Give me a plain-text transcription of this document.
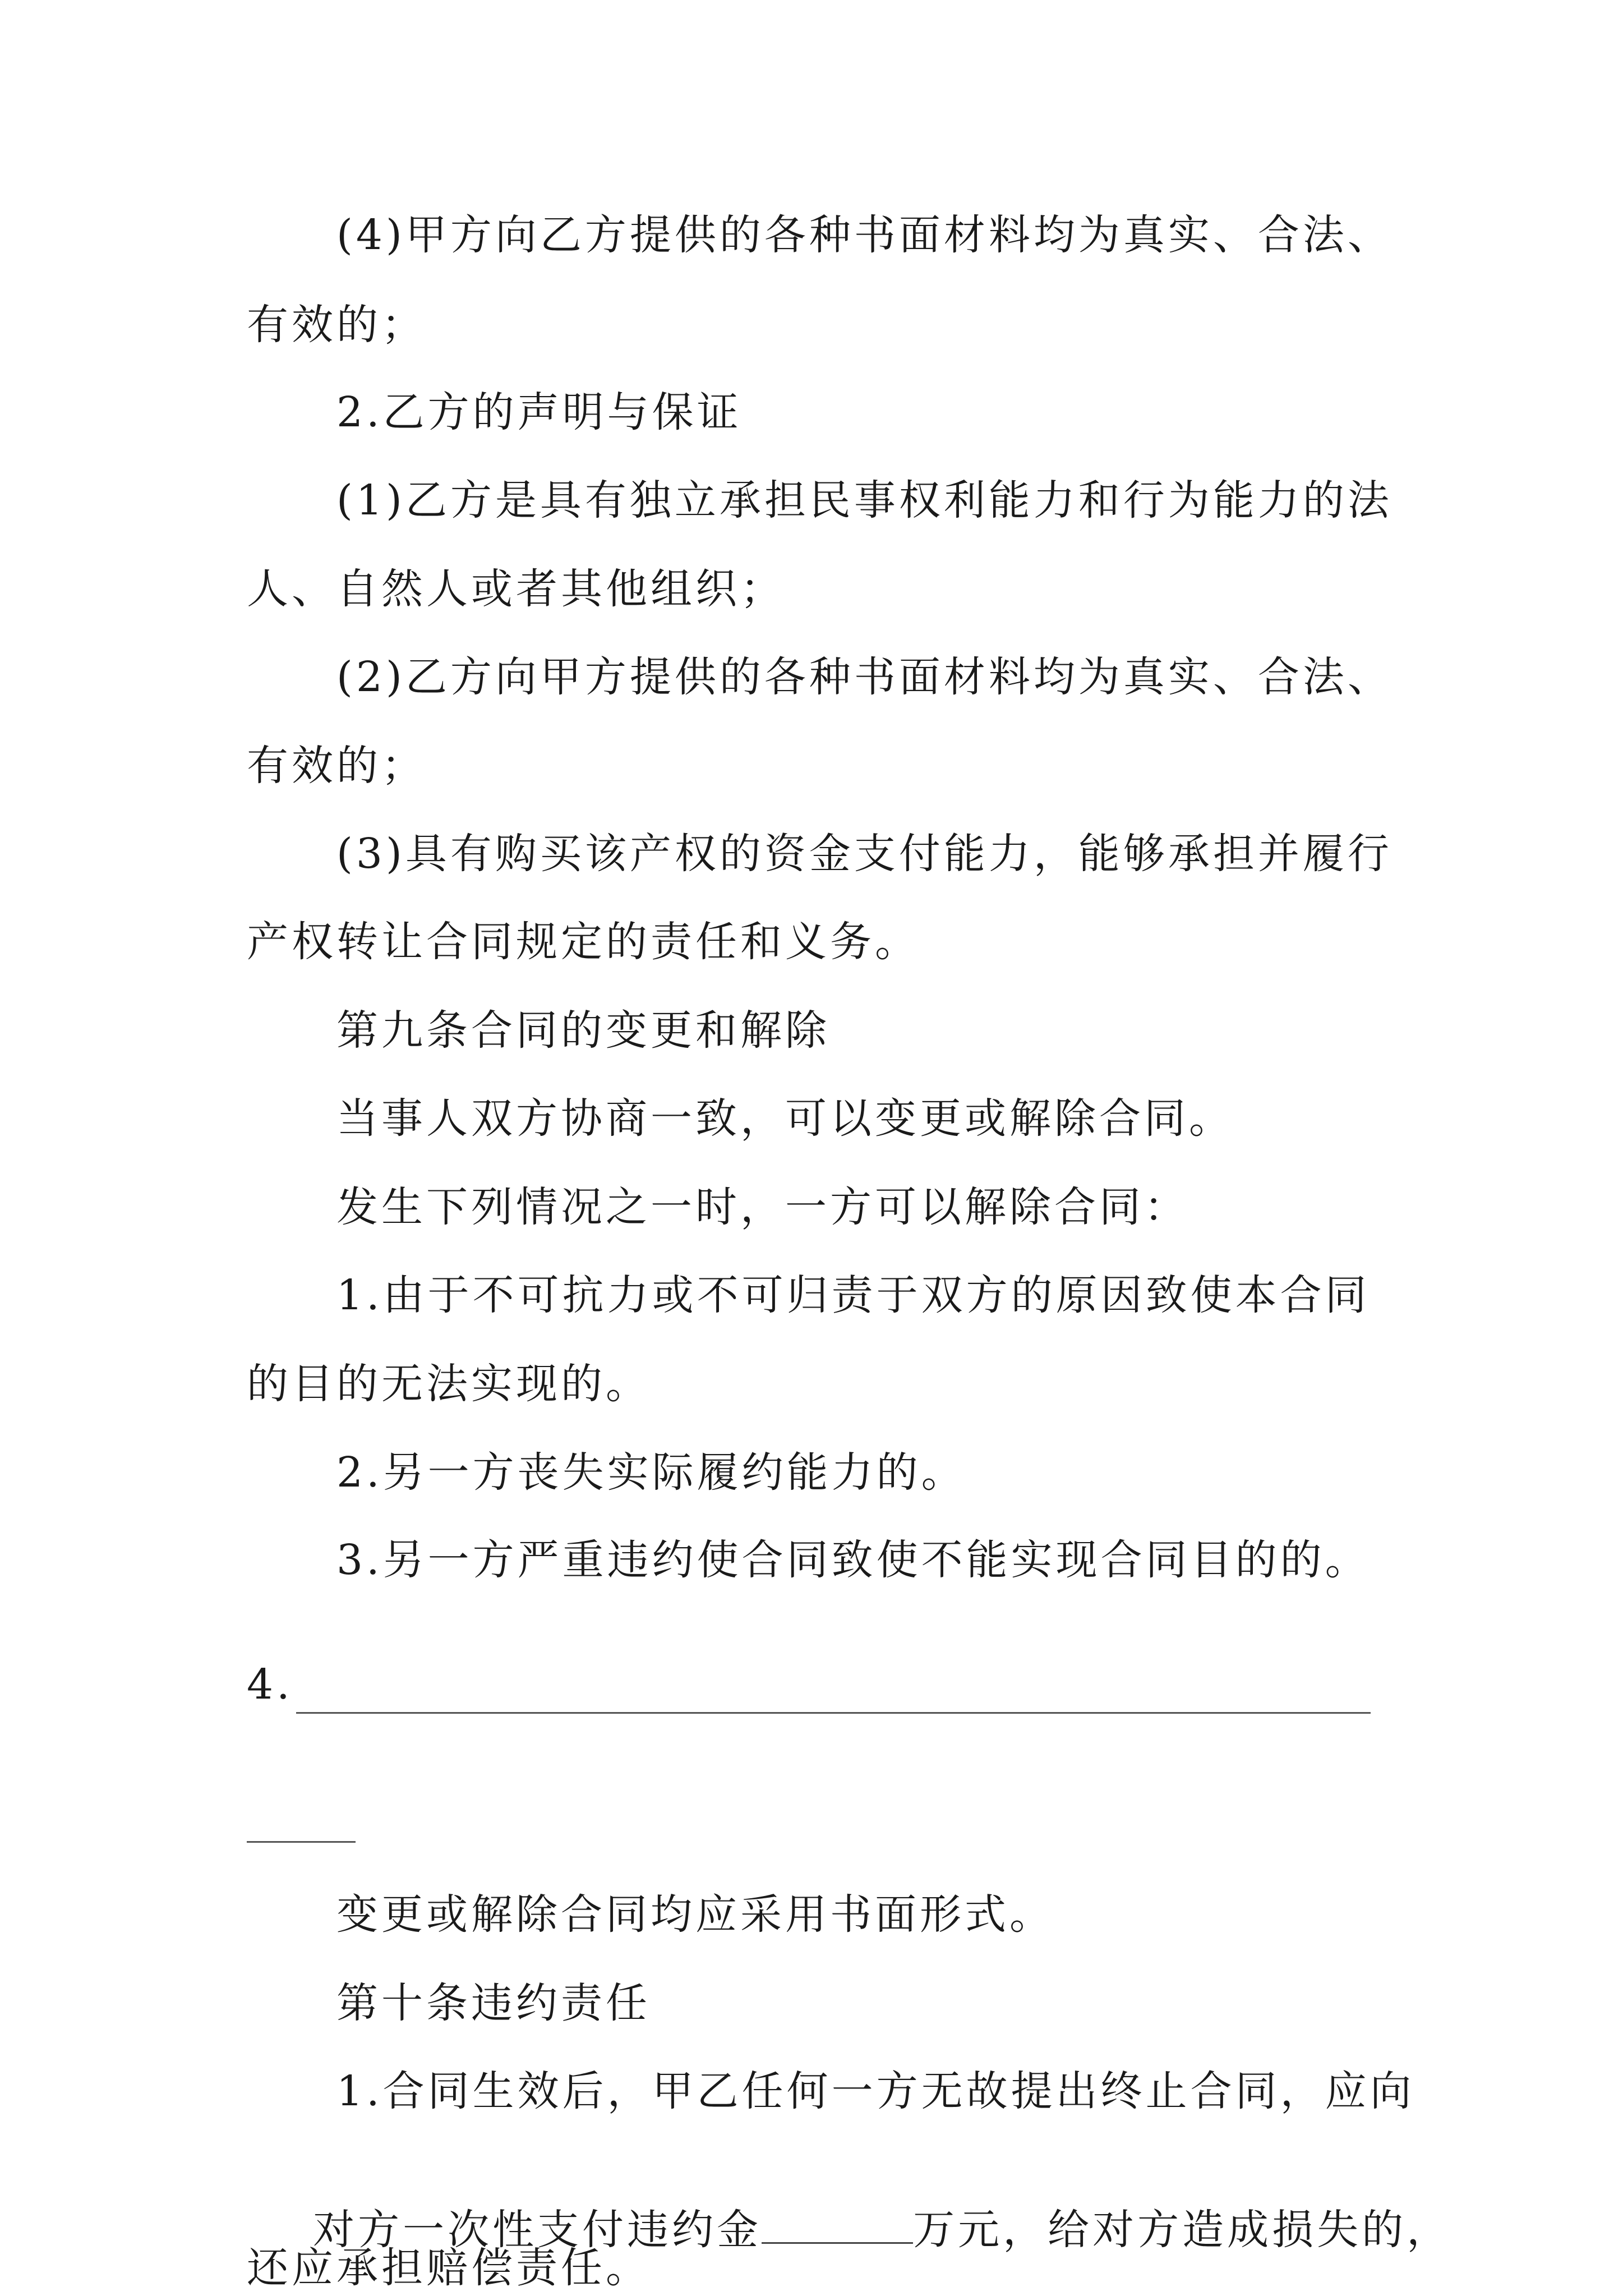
(4)甲方向乙方提供的各种书面材料均为真实、合法、
有效的；
2.乙方的声明与保证
(1)乙方是具有独立承担民事权利能力和行为能力的法
人、自然人或者其他组织；
(2)乙方向甲方提供的各种书面材料均为真实、合法、
有效的；
(3)具有购买该产权的资金支付能力，能够承担并履行
产权转让合同规定的责任和义务。
第九条合同的变更和解除
当事人双方协商一致，可以变更或解除合同。
发生下列情况之一时，一方可以解除合同：
1.由于不可抗力或不可归责于双方的原因致使本合同
的目的无法实现的。
2.另一方丧失实际履约能力的。
3.另一方严重违约使合同致使不能实现合同目的的。
4.
变更或解除合同均应采用书面形式。
第十条违约责任
1.合同生效后，甲乙任何一方无故提出终止合同，应向

对方一次性支付违约金	万元，给对方造成损失的，

还应承担赔偿责任。
